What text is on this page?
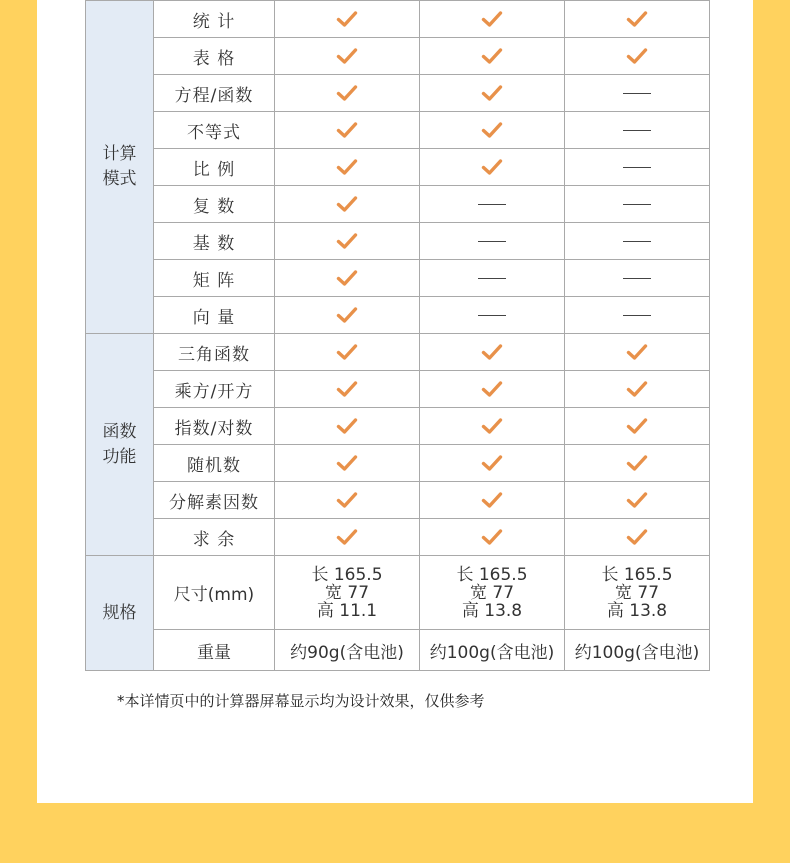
计算
模式	统 计			
	表 格			
	方程/函数			
	不等式			
	比 例			
	复 数			
	基 数			
	矩 阵			
	向 量			

函数
功能	三角函数			
	乘方/开方			
	指数/对数			
	随机数			
	分解素因数			
	求 余			
规格	尺寸(mm)	长 165.5
宽 77
高 11.1	长 165.5
宽 77
高 13.8	长 165.5
宽 77
高 13.8

	重量	约90g(含电池)	约100g(含电池)	约100g(含电池)
*本详情页中的计算器屏幕显示均为设计效果，仅供参考
